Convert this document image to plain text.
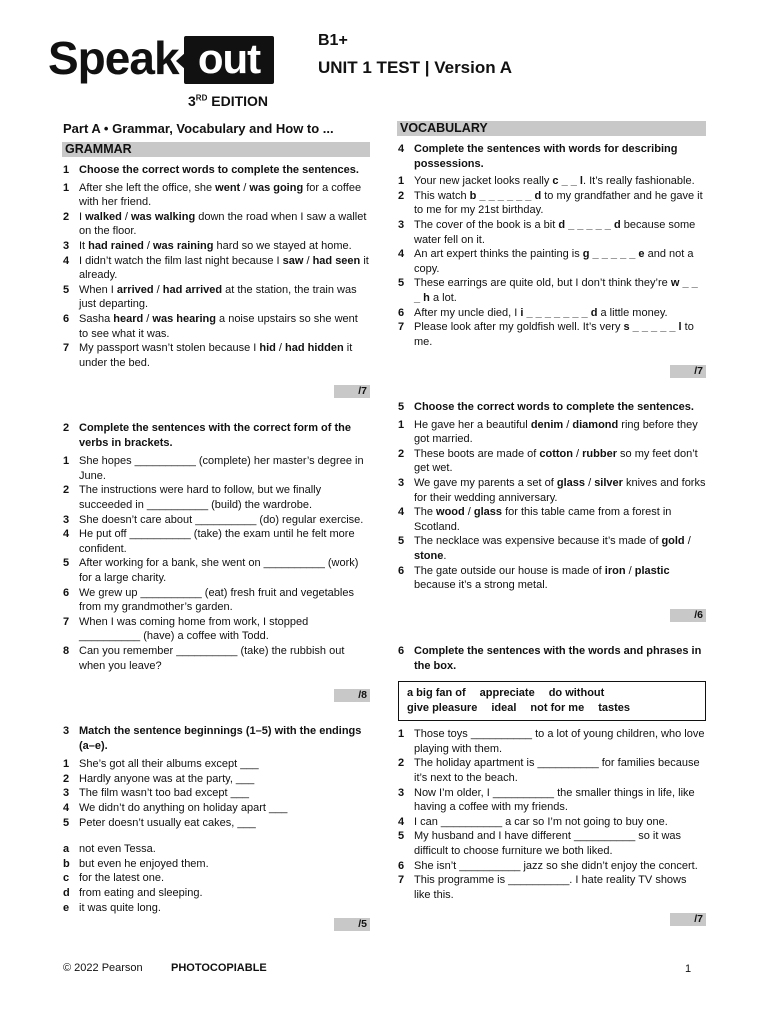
Speak out
3RD EDITION
B1+
UNIT 1 TEST | Version A
Part A • Grammar, Vocabulary and How to ...
GRAMMAR
VOCABULARY
1 Choose the correct words to complete the sentences.
1 After she left the office, she went / was going for a coffee with her friend.
2 I walked / was walking down the road when I saw a wallet on the floor.
3 It had rained / was raining hard so we stayed at home.
4 I didn’t watch the film last night because I saw / had seen it already.
5 When I arrived / had arrived at the station, the train was just departing.
6 Sasha heard / was hearing a noise upstairs so she went to see what it was.
7 My passport wasn’t stolen because I hid / had hidden it under the bed.
/7
2 Complete the sentences with the correct form of the verbs in brackets.
1 She hopes __________ (complete) her master’s degree in June.
2 The instructions were hard to follow, but we finally succeeded in __________ (build) the wardrobe.
3 She doesn’t care about __________ (do) regular exercise.
4 He put off __________ (take) the exam until he felt more confident.
5 After working for a bank, she went on __________ (work) for a large charity.
6 We grew up __________ (eat) fresh fruit and vegetables from my grandmother’s garden.
7 When I was coming home from work, I stopped __________ (have) a coffee with Todd.
8 Can you remember __________ (take) the rubbish out when you leave?
/8
3 Match the sentence beginnings (1–5) with the endings (a–e).
1 She’s got all their albums except ___
2 Hardly anyone was at the party, ___
3 The film wasn’t too bad except ___
4 We didn’t do anything on holiday apart ___
5 Peter doesn’t usually eat cakes, ___
a not even Tessa.
b but even he enjoyed them.
c for the latest one.
d from eating and sleeping.
e it was quite long.
/5
4 Complete the sentences with words for describing possessions.
1 Your new jacket looks really c _ _ l. It’s really fashionable.
2 This watch b _ _ _ _ _ _ d to my grandfather and he gave it to me for my 21st birthday.
3 The cover of the book is a bit d _ _ _ _ _ d because some water fell on it.
4 An art expert thinks the painting is g _ _ _ _ _ e and not a copy.
5 These earrings are quite old, but I don’t think they’re w _ _ _ h a lot.
6 After my uncle died, I i _ _ _ _ _ _ _ d a little money.
7 Please look after my goldfish well. It’s very s _ _ _ _ _ l to me.
/7
5 Choose the correct words to complete the sentences.
1 He gave her a beautiful denim / diamond ring before they got married.
2 These boots are made of cotton / rubber so my feet don’t get wet.
3 We gave my parents a set of glass / silver knives and forks for their wedding anniversary.
4 The wood / glass for this table came from a forest in Scotland.
5 The necklace was expensive because it’s made of gold / stone.
6 The gate outside our house is made of iron / plastic because it’s a strong metal.
/6
6 Complete the sentences with the words and phrases in the box.
a big fan of appreciate do without
give pleasure ideal not for me tastes
1 Those toys __________ to a lot of young children, who love playing with them.
2 The holiday apartment is __________ for families because it’s next to the beach.
3 Now I’m older, I __________ the smaller things in life, like having a coffee with my friends.
4 I can __________ a car so I’m not going to buy one.
5 My husband and I have different __________ so it was difficult to choose furniture we both liked.
6 She isn’t __________ jazz so she didn’t enjoy the concert.
7 This programme is __________. I hate reality TV shows like this.
/7
© 2022 Pearson	PHOTOCOPIABLE	1
